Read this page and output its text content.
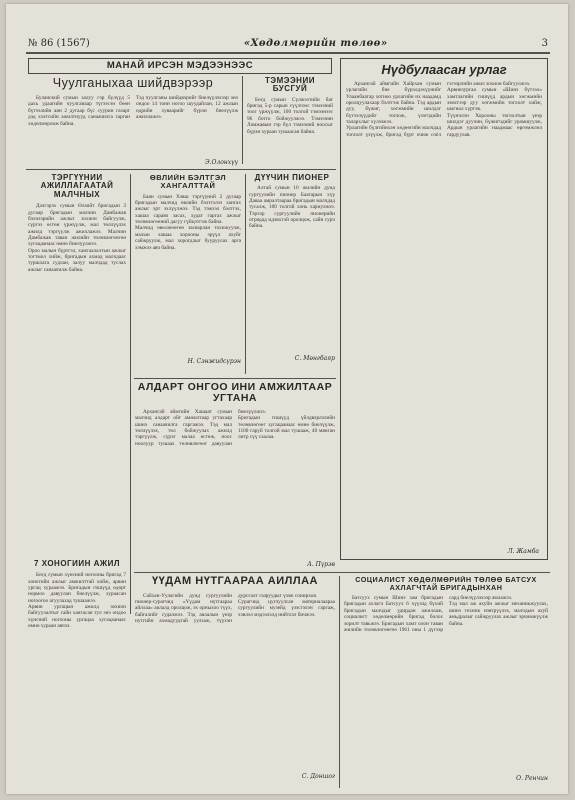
№ 86 (1567)	«Хөдөлмөрийн төлөө»	3
МАНАЙ ИРСЭН МЭДЭЭНЭЭС
Чуулганыхаа шийдвэрээр
Буланский сумын залуу гэр бүлүүд 5 дахь удаагийн чуулганаар түгээсэн бөөн бүтээлийн аян 2 дугаар бүс суурин газарт дэд хэлтсийн ажилтнууд санаачилга гарган хөдөлмөрлөж байна.
Тэд чуулганы шийдвэрийг биелүүлэхээр энэ ондоо 14 тонн ногоо шуудайлан, 12 ажлын өдрийн хуваарийг бүрэн биелүүлж ажиллажээ.
Э.Олонхүү
ТЭМЭЭНИЙ БУСГУЙ
Бөгд сумын Сүлжээтийн баг бригад 5-р сарын сүүлчээс тэмээний тоог үржүүлж, 100 толгой тэмээнээс 96 ботго бойжуулжээ. Тэмээчин Ламжавын гэр бүл тэмээний ноосыг бүрэн хураан тушаасан байна.
ТЭРГҮҮНИЙ АЖИЛЛАГААТАЙ МАЛЧНЫХ
Дэлгэрэх сумын Өлзийт бригадын 3 дугаар бригадын малчин Дамбажав бэлчээрийн ажлыг зохион байгуулж, сүргээ өсгөн үржүүлж, мал төллүүлэх ажилд тэргүүлж ажиллажээ. Малчин Дамбажав таван жилийн төлөвлөгөөгөө хугацаанаас өмнө биелүүлжээ.
Ороо малын бүртгэл, хамгаалалтын ажлыг тогтмол хийж, бригадын ахмад малчдаас туршлага судлан, залуу малчдад туслах ажлыг санаачилж байна.
7 ХОНОГИЙН АЖИЛ
Бөгд сумын хүнсний ногооны бригад 7 хоногийн ажлыг амжилттай хийж, арвин ургац хураажээ. Бригадын гишүүд өдөрт нормоо давуулан биелүүлж, хураасан ногоогоо агуулахад тушаажээ.
Арвин ургацын ажилд зохион байгуулалтыг сайн хангасан тул энэ ондоо хүнсний ногооны ургацаа хугацаанаас өмнө хураан авчээ.
ӨВЛИЙН БЭЛТГЭЛ ХАНГАЛТТАЙ
Баян сумын Хэвш тэргүүний 2 дугаар бригадын малчид өвлийн бэлтгэлээ хангах ажлыг эрт эхлүүлжээ. Тэд тэжээл бэлтгэх, хашаа саравч засах, худаг гаргах ажлыг төлөвлөгөөний дагуу гүйцэтгэж байна.
Малчид өвөлжөөгөө засварлан тохижуулж, малын хашаа хорооны эрүүл ахуйг сайжруулж, мал хорогдлыг бууруулах арга хэмжээ авч байна.
Н. Сэнжидсүрэн
ДҮҮЧИН ПИОНЕР
Алтай сумын 10 жилийн дунд сургуулийн пионер Баатарын хүү Даваа амралтаараа бригадын малчдад тусалж, 100 толгой хонь хариулжээ. Тэрээр сургуулийн пионерийн отрядад идэвхтэй оролцож, сайн сурч байна.
С. Мөнгбаяр
Нүдбулаасан урлаг
Архангай аймгийн Хайрхан сумын урлагийн бие бүрэлдэхүүнийг Улаанбаатар хотноо урлагийн их наадамд оролцуулахаар бэлтгэж байна. Тэд ардын дуу, бүжиг, хөгжмийн шилдэг бүтээлүүдийг тоглож, үзэгчдийн талархлыг хүлээжээ.
Урлагийн бүлгийнхэн хөдөөгийн малчдад тоглолт үзүүлж, бригад бүрт очиж соёл гэгээрлийн ажил зохион байгуулжээ.
Арвинзургаа сумын «Шинэ бүтээл» хамтлагийн гишүүд ардын хөгжмийн зэмсгээр дуу хөгжмийн тоглолт хийж, шагнал хүртэв.
Түүнчлэн Хорооны тоглолтын үеэр шилдэг дуучин, бүжигчдийг урамшуулж, Ардын урлагийн наадмаас өргөмжлөл гардуулав.
Л. Жамба
АЛДАРТ ОНГОО ИНИ АМЖИЛТААР УГТАНА
Архангай аймгийн Хашаат сумын малчид алдарт ойг амжилтаар угтахаар шинэ санаачилга гаргажээ. Тэд мал төллүүлэх, төл бойжуулах ажилд тэргүүлж, сүрэг малаа өсгөж, ноос ноолуур тушаах төлөвлөгөөг давуулан биелүүлжээ.
Бригадын гишүүд үйлдвэрлэлийн төлөвлөгөөг хугацаанаас өмнө биелүүлж, 1100 гаруй толгой мал тушааж, 40 мянган литр сүү саалаа.
А. Пүрэв
ҮҮДАМ НҮТГААРАА АЙЛЛАА
Сайхан-Уулагийн дунд сургуулийн пионер-сурагчид «Үүдам нүтгаараа айллаа» аялалд оролцож, эх орныхоо түүх, байгалийг судалжээ. Тэд аялалын үеэр нутгийн ахмадуудтай уулзаж, түүхэн дурсгалт газруудыг үзэж сонирхов.
Сурагчид цуглуулсан материалаараа сургуулийн музейд үзэсгэлэн гаргаж, хэвлэл мэдээлэлд нийтлэл бичжээ.
С. Доншог
СОЦИАЛИСТ ХӨДӨЛМӨРИЙН ТӨЛӨӨ БАТСУХ АХЛАГЧТАЙ БРИГАДЫНХАН
Батсуух сумын Шинэ зам бригадын бригадын ахлагч Батсуух 6 хүүхэд бүхий бригадын малчдыг удирдан ажиллаж, социалист хөдөлмөрийн бригад болох зорилт тавьжээ. Бригадын хамт олон таван жилийн төлөвлөгөөгөө 1961 оны 1 дүгээр сард биелүүлэхээр амлажээ.
Тэд мал аж ахуйн ажлыг механикжуулах, шинэ техник нэвтрүүлэх, малчдын ахуй амьдралыг сайжруулах ажлыг эрчимжүүлж байна.
О. Ренчин
